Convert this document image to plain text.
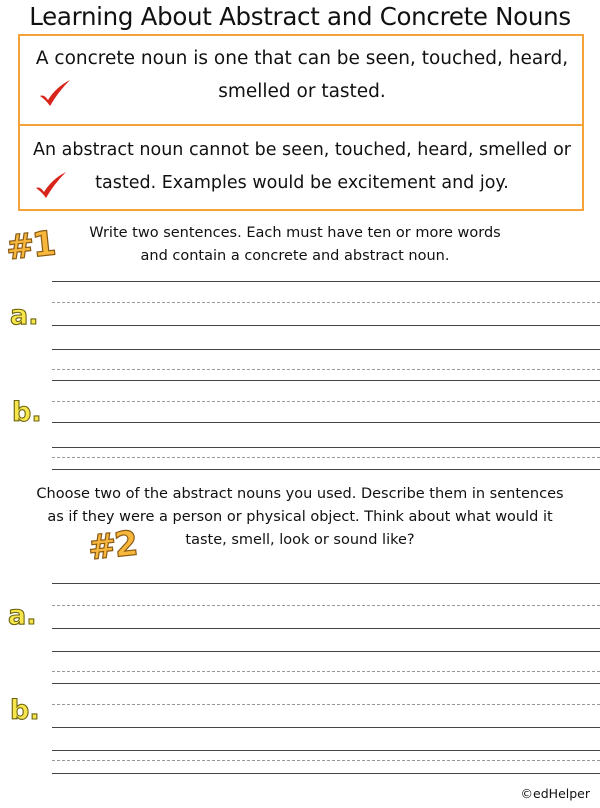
Learning About Abstract and Concrete Nouns
A concrete noun is one that can be seen, touched, heard, smelled or tasted.
An abstract noun cannot be seen, touched, heard, smelled or tasted. Examples would be excitement and joy.
#1	Write two sentences. Each must have ten or more words
and contain a concrete and abstract noun.
a.
b.
Choose two of the abstract nouns you used. Describe them in sentences
as if they were a person or physical object. Think about what would it
taste, smell, look or sound like?
#2
a.
b.
©edHelper
